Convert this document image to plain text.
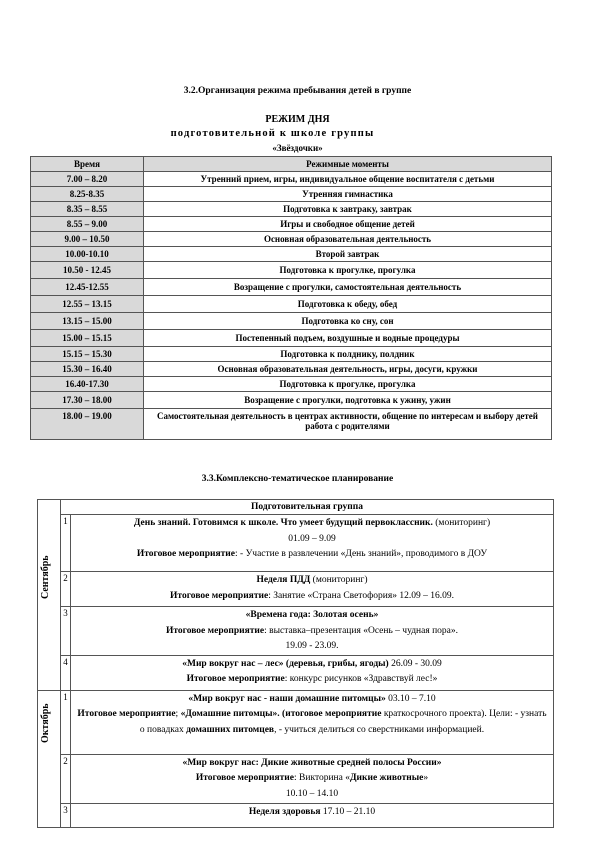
3.2.Организация режима пребывания детей в группе
РЕЖИМ ДНЯ
подготовительной к школе группы
«Звёздочки»
Время	Режимные моменты
7.00 – 8.20	Утренний прием, игры, индивидуальное общение воспитателя с детьми
8.25-8.35	Утренняя гимнастика
8.35 – 8.55	Подготовка к завтраку, завтрак
8.55 – 9.00	Игры и свободное общение детей
9.00 – 10.50	Основная образовательная деятельность
10.00-10.10	Второй завтрак
10.50 - 12.45	Подготовка к прогулке, прогулка
12.45-12.55	Возращение с прогулки, самостоятельная деятельность
12.55 – 13.15	Подготовка к обеду, обед
13.15 – 15.00	Подготовка ко сну, сон
15.00 – 15.15	Постепенный подъем, воздушные и водные процедуры
15.15 – 15.30	Подготовка к полднику, полдник
15.30 – 16.40	Основная образовательная деятельность, игры, досуги, кружки
16.40-17.30	Подготовка к прогулке, прогулка
17.30 – 18.00	Возращение с прогулки, подготовка к ужину, ужин
18.00 – 19.00	Самостоятельная деятельность в центрах активности, общение по интересам и выбору детей работа с родителями
3.3.Комплексно-тематическое планирование
	Подготовительная группа	

Сентябрь	1	День знаний. Готовимся к школе. Что умеет будущий первоклассник. (мониторинг)
01.09 – 9.09
Итоговое мероприятие: - Участие в развлечении «День знаний», проводимого в ДОУ

	2	Неделя ПДД (мониторинг)
Итоговое мероприятие: Занятие «Страна Светофория» 12.09 – 16.09.

	3	«Времена года: Золотая осень»
Итоговое мероприятие: выставка–презентация «Осень – чудная пора».
19.09 - 23.09.

	4	«Мир вокруг нас – лес» (деревья, грибы, ягоды) 26.09 - 30.09
Итоговое мероприятие: конкурс рисунков «Здравствуй лес!»

Октябрь	1	«Мир вокруг нас - наши домашние питомцы» 03.10 – 7.10
Итоговое мероприятие; «Домашние питомцы». (итоговое мероприятие краткосрочного проекта). Цели: - узнать о повадках домашних питомцев, - учиться делиться со сверстниками информацией.

	2	«Мир вокруг нас: Дикие животные средней полосы России»
Итоговое мероприятие: Викторина «Дикие животные»
10.10 – 14.10

	3	Неделя здоровья 17.10 – 21.10
